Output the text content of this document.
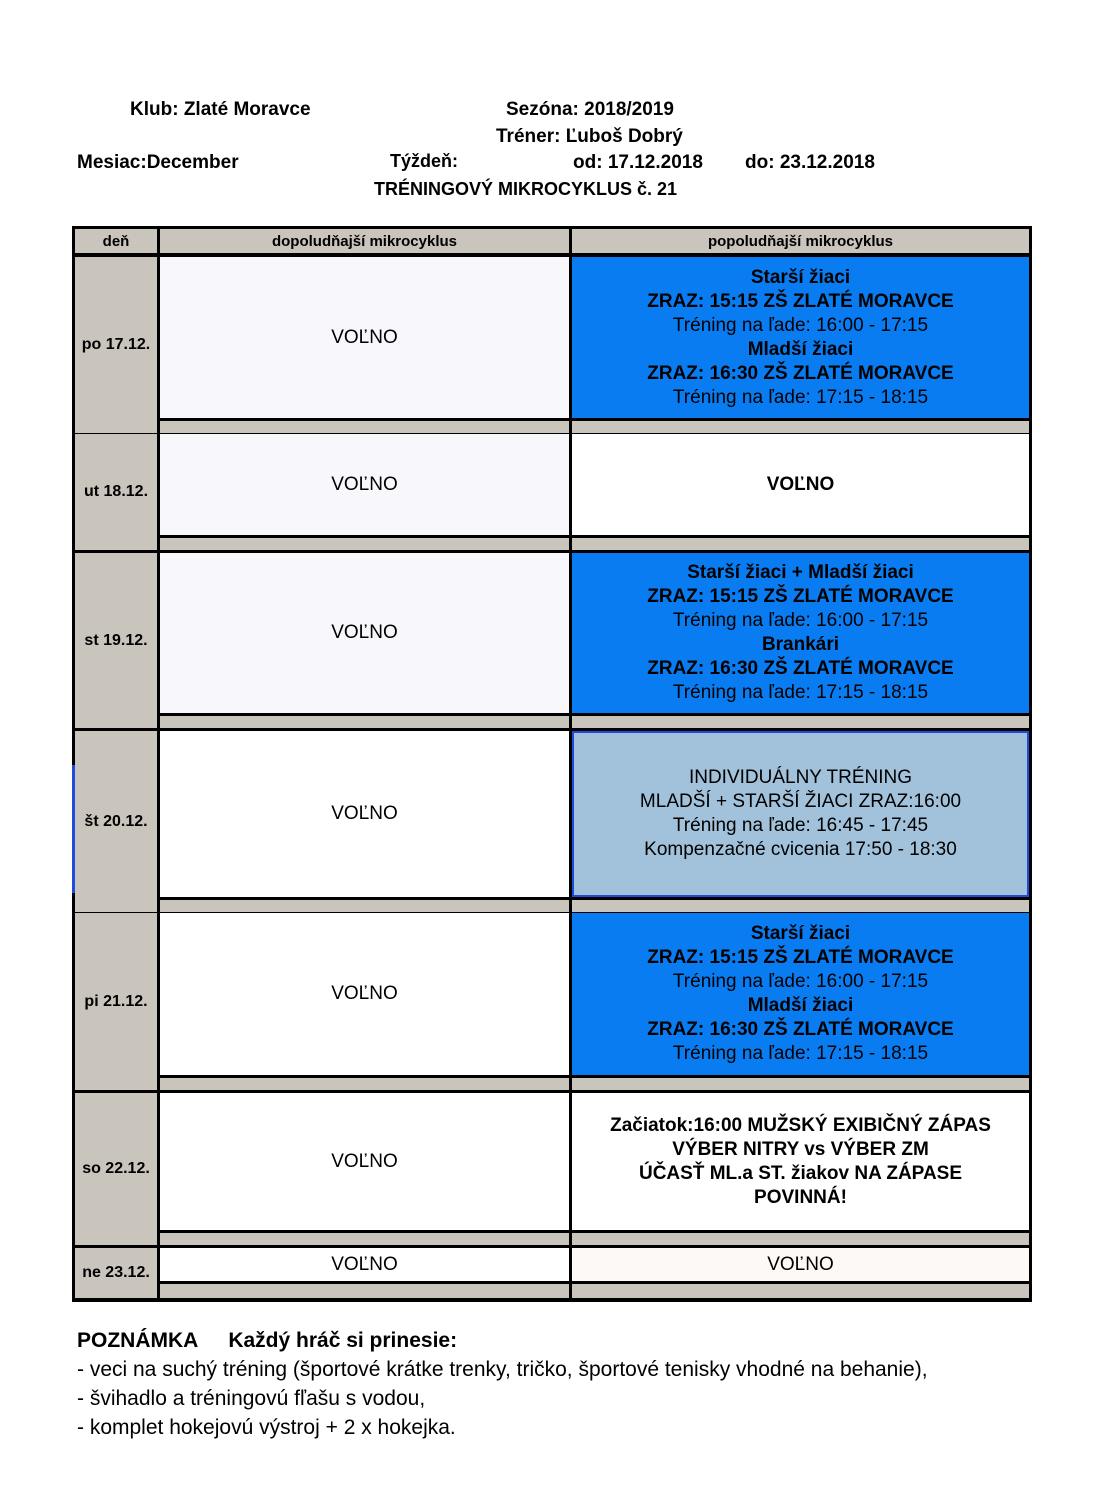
Klub: Zlaté Moravce	Sezóna: 2018/2019
Tréner: Ľuboš Dobrý
Mesiac:December	Týždeň:	od: 17.12.2018 do: 23.12.2018
TRÉNINGOVÝ MIKROCYKLUS č. 21
deň	dopoludňajší mikrocyklus	popoludňajší mikrocyklus
po 17.12.	VOĽNO
Starší žiaci
ZRAZ: 15:15 ZŠ ZLATÉ MORAVCE
Tréning na ľade: 16:00 - 17:15
Mladší žiaci
ZRAZ: 16:30 ZŠ ZLATÉ MORAVCE
Tréning na ľade: 17:15 - 18:15
ut 18.12.	VOĽNO	VOĽNO
st 19.12.	VOĽNO
Starší žiaci + Mladší žiaci
ZRAZ: 15:15 ZŠ ZLATÉ MORAVCE
Tréning na ľade: 16:00 - 17:15
Brankári
ZRAZ: 16:30 ZŠ ZLATÉ MORAVCE
Tréning na ľade: 17:15 - 18:15
št 20.12.	VOĽNO
INDIVIDUÁLNY TRÉNING
MLADŠÍ + STARŠÍ ŽIACI ZRAZ:16:00
Tréning na ľade: 16:45 - 17:45
Kompenzačné cvicenia 17:50 - 18:30
pi 21.12.	VOĽNO
Starší žiaci
ZRAZ: 15:15 ZŠ ZLATÉ MORAVCE
Tréning na ľade: 16:00 - 17:15
Mladší žiaci
ZRAZ: 16:30 ZŠ ZLATÉ MORAVCE
Tréning na ľade: 17:15 - 18:15
so 22.12.	VOĽNO
Začiatok:16:00 MUŽSKÝ EXIBIČNÝ ZÁPAS
VÝBER NITRY vs VÝBER ZM
ÚČASŤ ML.a ST. žiakov NA ZÁPASE
POVINNÁ!
ne 23.12.	VOĽNO	VOĽNO
POZNÁMKA Každý hráč si prinesie:
- veci na suchý tréning (športové krátke trenky, tričko, športové tenisky vhodné na behanie),
- švihadlo a tréningovú fľašu s vodou,
- komplet hokejovú výstroj + 2 x hokejka.
